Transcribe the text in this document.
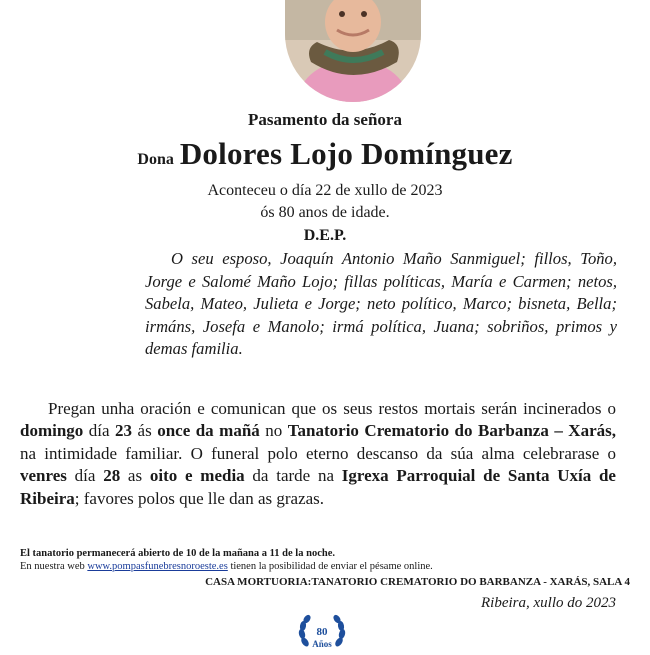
Pasamento da señora
Dona Dolores Lojo Domínguez
Aconteceu o día 22 de xullo de 2023
ós 80 anos de idade.
D.E.P.
O seu esposo, Joaquín Antonio Maño Sanmiguel; fillos, Toño, Jorge e Salomé Maño Lojo; fillas políticas, María e Carmen; netos, Sabela, Mateo, Julieta e Jorge; neto político, Marco; bisneta, Bella; irmáns, Josefa e Manolo; irmá política, Juana; sobriños, primos y demas familia.
Pregan unha oración e comunican que os seus restos mortais serán incinerados o domingo día 23 ás once da mañá no Tanatorio Crematorio do Barbanza – Xarás, na intimidade familiar. O funeral polo eterno descanso da súa alma celebrarase o venres día 28 as oito e media da tarde na Igrexa Parroquial de Santa Uxía de Ribeira; favores polos que lle dan as grazas.
El tanatorio permanecerá abierto de 10 de la mañana a 11 de la noche.
En nuestra web www.pompasfunebresnoroeste.es tienen la posibilidad de enviar el pésame online.
CASA MORTUORIA:TANATORIO CREMATORIO DO BARBANZA - XARÁS, SALA 4
Ribeira, xullo do 2023
80
Años
